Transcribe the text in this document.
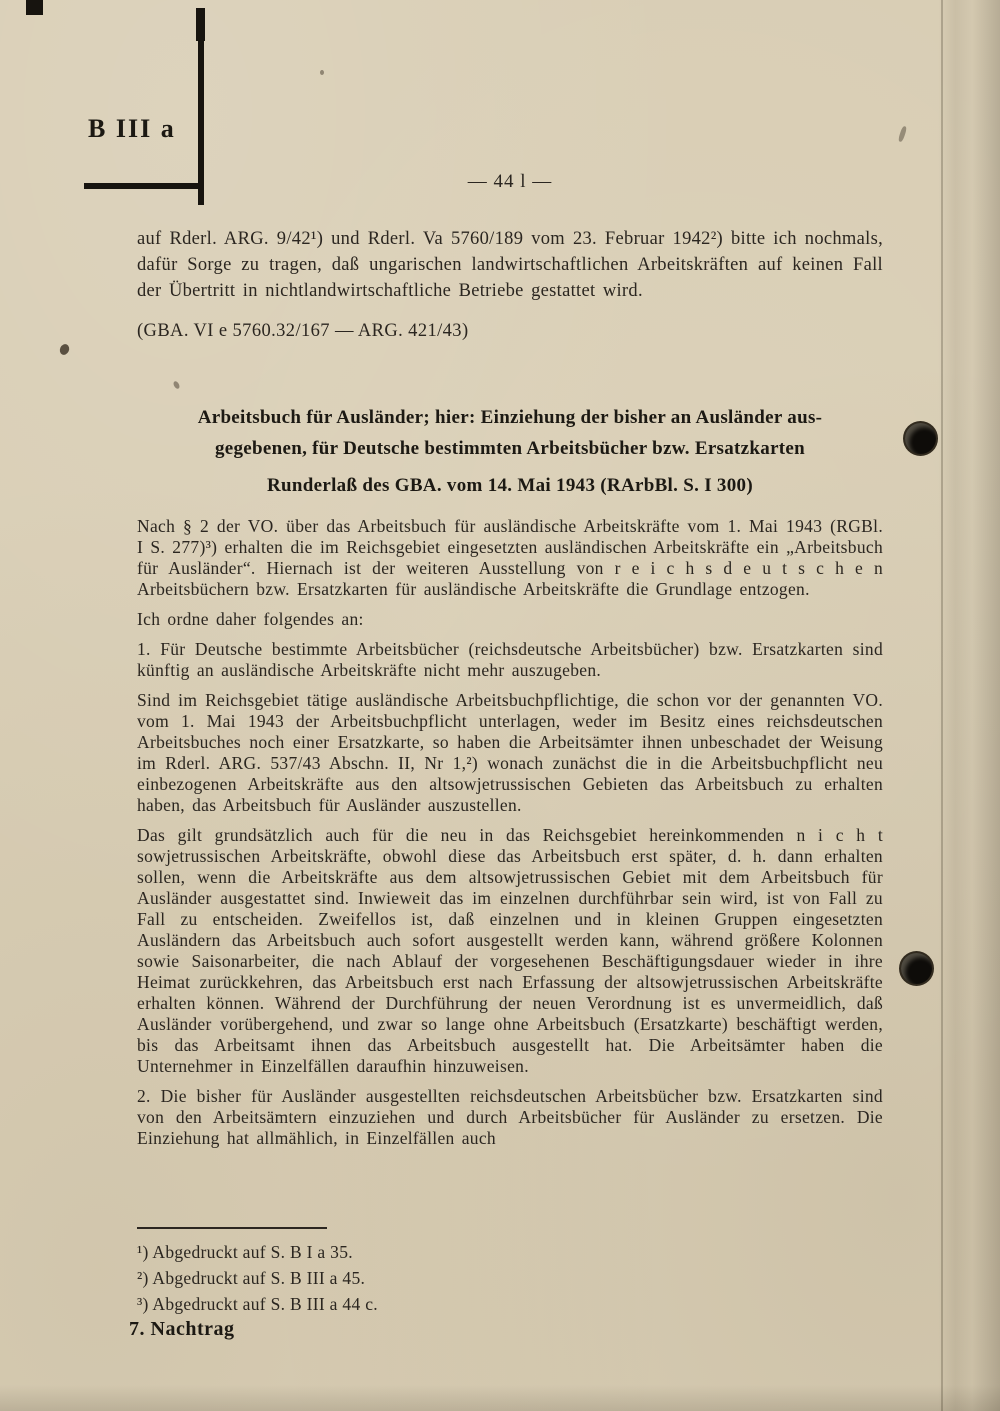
B III a
— 44 l —
auf Rderl. ARG. 9/42¹) und Rderl. Va 5760/189 vom 23. Februar 1942²) bitte ich nochmals, dafür Sorge zu tragen, daß ungarischen landwirtschaftlichen Arbeitskräften auf keinen Fall der Übertritt in nichtlandwirtschaftliche Betriebe gestattet wird.
(GBA. VI e 5760.32/167 — ARG. 421/43)
Arbeitsbuch für Ausländer; hier: Einziehung der bisher an Ausländer aus-
gegebenen, für Deutsche bestimmten Arbeitsbücher bzw. Ersatzkarten
Runderlaß des GBA. vom 14. Mai 1943 (RArbBl. S. I 300)
Nach § 2 der VO. über das Arbeitsbuch für ausländische Arbeitskräfte vom 1. Mai 1943 (RGBl. I S. 277)³) erhalten die im Reichsgebiet eingesetzten ausländischen Arbeitskräfte ein „Arbeitsbuch für Ausländer“. Hiernach ist der weiteren Ausstellung von r e i c h s d e u t s c h e n Arbeitsbüchern bzw. Ersatzkarten für ausländische Arbeitskräfte die Grundlage entzogen.
Ich ordne daher folgendes an:
1. Für Deutsche bestimmte Arbeitsbücher (reichsdeutsche Arbeitsbücher) bzw. Ersatzkarten sind künftig an ausländische Arbeitskräfte nicht mehr auszugeben.
Sind im Reichsgebiet tätige ausländische Arbeitsbuchpflichtige, die schon vor der genannten VO. vom 1. Mai 1943 der Arbeitsbuchpflicht unterlagen, weder im Besitz eines reichsdeutschen Arbeitsbuches noch einer Ersatzkarte, so haben die Arbeitsämter ihnen unbeschadet der Weisung im Rderl. ARG. 537/43 Abschn. II, Nr 1,²) wonach zunächst die in die Arbeitsbuchpflicht neu einbezogenen Arbeitskräfte aus den altsowjetrussischen Gebieten das Arbeitsbuch zu erhalten haben, das Arbeitsbuch für Ausländer auszustellen.
Das gilt grundsätzlich auch für die neu in das Reichsgebiet hereinkommenden n i c h t sowjetrussischen Arbeitskräfte, obwohl diese das Arbeitsbuch erst später, d. h. dann erhalten sollen, wenn die Arbeitskräfte aus dem altsowjetrussischen Gebiet mit dem Arbeitsbuch für Ausländer ausgestattet sind. Inwieweit das im einzelnen durchführbar sein wird, ist von Fall zu Fall zu entscheiden. Zweifellos ist, daß einzelnen und in kleinen Gruppen eingesetzten Ausländern das Arbeitsbuch auch sofort ausgestellt werden kann, während größere Kolonnen sowie Saisonarbeiter, die nach Ablauf der vorgesehenen Beschäftigungsdauer wieder in ihre Heimat zurückkehren, das Arbeitsbuch erst nach Erfassung der altsowjetrussischen Arbeitskräfte erhalten können. Während der Durchführung der neuen Verordnung ist es unvermeidlich, daß Ausländer vorübergehend, und zwar so lange ohne Arbeitsbuch (Ersatzkarte) beschäftigt werden, bis das Arbeitsamt ihnen das Arbeitsbuch ausgestellt hat. Die Arbeitsämter haben die Unternehmer in Einzelfällen daraufhin hinzuweisen.
2. Die bisher für Ausländer ausgestellten reichsdeutschen Arbeitsbücher bzw. Ersatzkarten sind von den Arbeitsämtern einzuziehen und durch Arbeitsbücher für Ausländer zu ersetzen. Die Einziehung hat allmählich, in Einzelfällen auch
¹) Abgedruckt auf S. B I a 35.
²) Abgedruckt auf S. B III a 45.
³) Abgedruckt auf S. B III a 44 c.
7. Nachtrag
